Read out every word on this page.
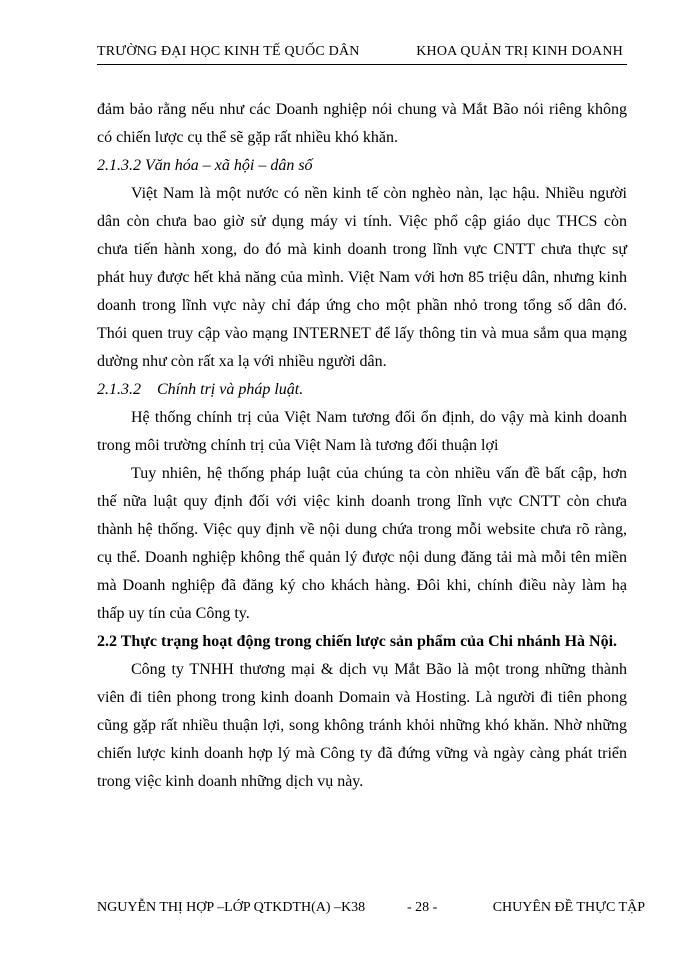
TRƯỜNG ĐẠI HỌC KINH TẾ QUỐC DÂN	KHOA QUẢN TRỊ KINH DOANH
đảm bảo rằng nếu như các Doanh nghiệp nói chung và Mắt Bão nói riêng không
có chiến lược cụ thể sẽ gặp rất nhiều khó khăn.
2.1.3.2 Văn hóa – xã hội – dân số
Việt Nam là một nước có nền kinh tế còn nghèo nàn, lạc hậu. Nhiều người
dân còn chưa bao giờ sử dụng máy vi tính. Việc phổ cập giáo dục THCS còn
chưa tiến hành xong, do đó mà kinh doanh trong lĩnh vực CNTT chưa thực sự
phát huy được hết khả năng của mình. Việt Nam với hơn 85 triệu dân, nhưng kinh
doanh trong lĩnh vực này chỉ đáp ứng cho một phần nhỏ trong tổng số dân đó.
Thói quen truy cập vào mạng INTERNET để lấy thông tin và mua sắm qua mạng
dường như còn rất xa lạ với nhiều người dân.
2.1.3.2    Chính trị và pháp luật.
Hệ thống chính trị của Việt Nam tương đối ổn định, do vậy mà kinh doanh
trong môi trường chính trị của Việt Nam là tương đối thuận lợi
Tuy nhiên, hệ thống pháp luật của chúng ta còn nhiều vấn đề bất cập, hơn
thế nữa luật quy định đối với việc kinh doanh trong lĩnh vực CNTT còn chưa
thành hệ thống. Việc quy định về nội dung chứa trong mỗi website chưa rõ ràng,
cụ thể. Doanh nghiệp không thể quản lý được nội dung đăng tải mà mỗi tên miền
mà Doanh nghiệp đã đăng ký cho khách hàng. Đôi khi, chính điều này làm hạ
thấp uy tín của Công ty.
2.2 Thực trạng hoạt động trong chiến lược sản phẩm của Chi nhánh Hà Nội.
Công ty TNHH thương mại & dịch vụ Mắt Bão là một trong những thành
viên đi tiên phong trong kinh doanh Domain và Hosting. Là người đi tiên phong
cũng gặp rất nhiều thuận lợi, song không tránh khỏi những khó khăn. Nhờ những
chiến lược kinh doanh hợp lý mà Công ty đã đứng vững và ngày càng phát triển
trong việc kinh doanh những dịch vụ này.
NGUYỄN THỊ HỢP –LỚP QTKDTH(A) –K38	- 28 -	CHUYÊN ĐỀ THỰC TẬP
